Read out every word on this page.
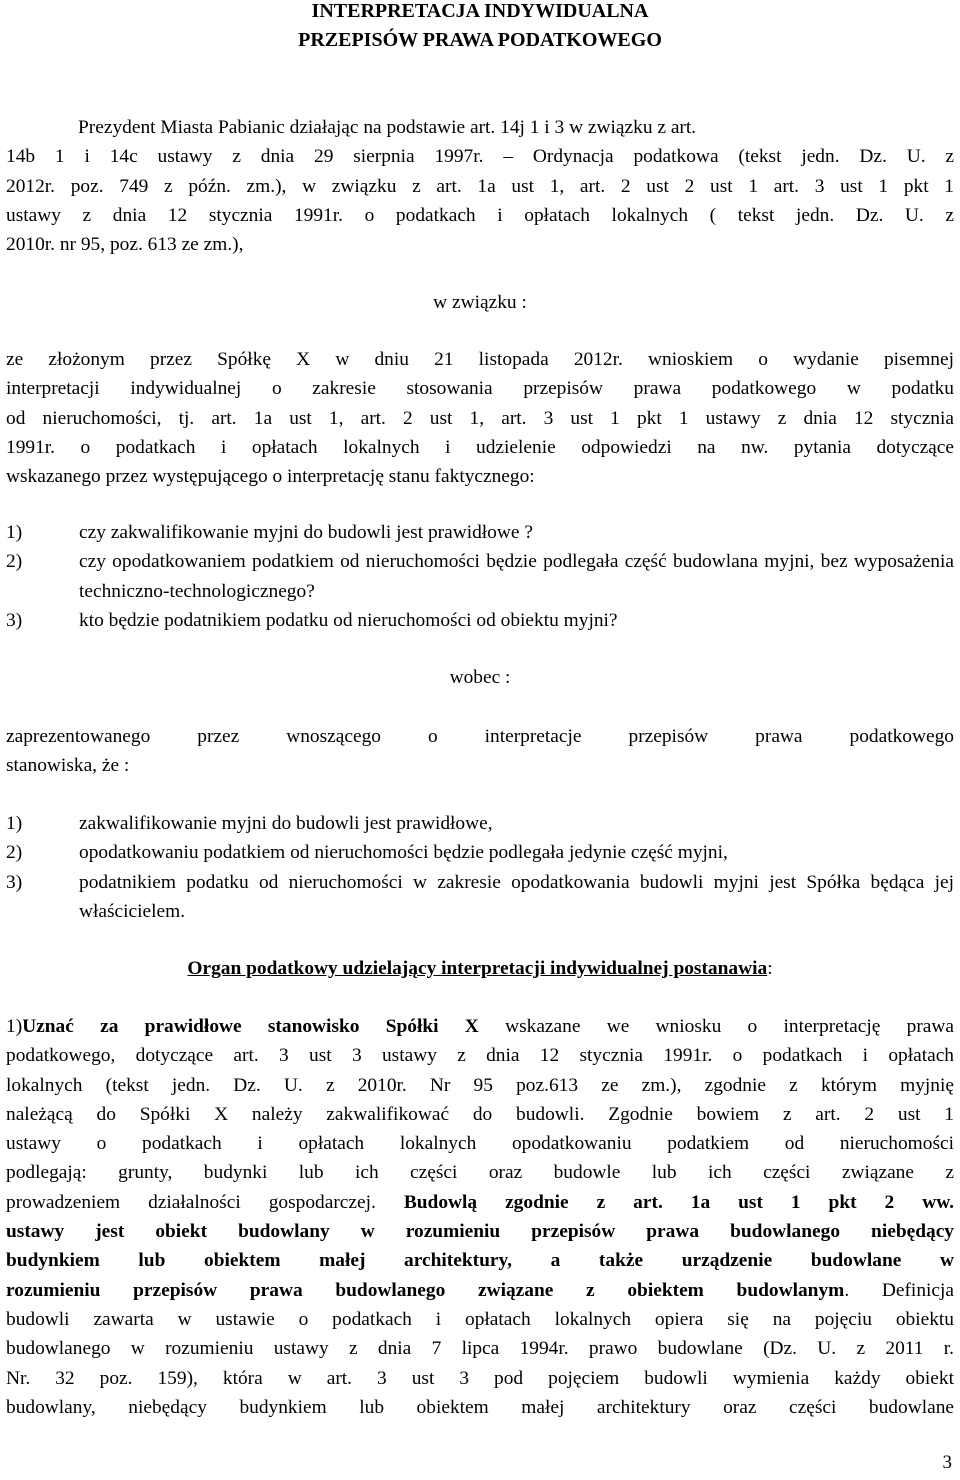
INTERPRETACJA INDYWIDUALNA
PRZEPISÓW PRAWA PODATKOWEGO
Prezydent Miasta Pabianic działając na podstawie art. 14j 1 i 3 w związku z art.
14b 1 i 14c ustawy z dnia 29 sierpnia 1997r. – Ordynacja podatkowa (tekst jedn. Dz. U. z
2012r. poz. 749 z późn. zm.), w związku z art. 1a ust 1, art. 2 ust 2 ust 1 art. 3 ust 1 pkt 1
ustawy z dnia 12 stycznia 1991r. o podatkach i opłatach lokalnych ( tekst jedn. Dz. U. z
2010r. nr 95, poz. 613 ze zm.),
w związku :
ze złożonym przez Spółkę X w dniu 21 listopada 2012r. wnioskiem o wydanie pisemnej
interpretacji indywidualnej o zakresie stosowania przepisów prawa podatkowego w podatku
od nieruchomości, tj. art. 1a ust 1, art. 2 ust 1, art. 3 ust 1 pkt 1 ustawy z dnia 12 stycznia
1991r. o podatkach i opłatach lokalnych i udzielenie odpowiedzi na nw. pytania dotyczące
wskazanego przez występującego o interpretację stanu faktycznego:
1)	czy zakwalifikowanie myjni do budowli jest prawidłowe ?
2)	czy opodatkowaniem podatkiem od nieruchomości będzie podlegała część budowlana myjni, bez wyposażenia techniczno-technologicznego?
3)	kto będzie podatnikiem podatku od nieruchomości od obiektu myjni?
wobec :
zaprezentowanego przez wnoszącego o interpretacje przepisów prawa podatkowego
stanowiska, że :
1)	zakwalifikowanie myjni do budowli jest prawidłowe,
2)	opodatkowaniu podatkiem od nieruchomości będzie podlegała jedynie część myjni,
3)	podatnikiem podatku od nieruchomości w zakresie opodatkowania budowli myjni jest Spółka będąca jej właścicielem.
Organ podatkowy udzielający interpretacji indywidualnej postanawia:
1)Uznać za prawidłowe stanowisko Spółki X wskazane we wniosku o interpretację prawa
podatkowego, dotyczące art. 3 ust 3 ustawy z dnia 12 stycznia 1991r. o podatkach i opłatach
lokalnych (tekst jedn. Dz. U. z 2010r. Nr 95 poz.613 ze zm.), zgodnie z którym myjnię
należącą do Spółki X należy zakwalifikować do budowli. Zgodnie bowiem z art. 2 ust 1
ustawy o podatkach i opłatach lokalnych opodatkowaniu podatkiem od nieruchomości
podlegają: grunty, budynki lub ich części oraz budowle lub ich części związane z
prowadzeniem działalności gospodarczej. Budowlą zgodnie z art. 1a ust 1 pkt 2 ww.
ustawy jest obiekt budowlany w rozumieniu przepisów prawa budowlanego niebędący
budynkiem lub obiektem małej architektury, a także urządzenie budowlane w
rozumieniu przepisów prawa budowlanego związane z obiektem budowlanym. Definicja
budowli zawarta w ustawie o podatkach i opłatach lokalnych opiera się na pojęciu obiektu
budowlanego w rozumieniu ustawy z dnia 7 lipca 1994r. prawo budowlane (Dz. U. z 2011 r.
Nr. 32 poz. 159), która w art. 3 ust 3 pod pojęciem budowli wymienia każdy obiekt
budowlany, niebędący budynkiem lub obiektem małej architektury oraz części budowlane
3
